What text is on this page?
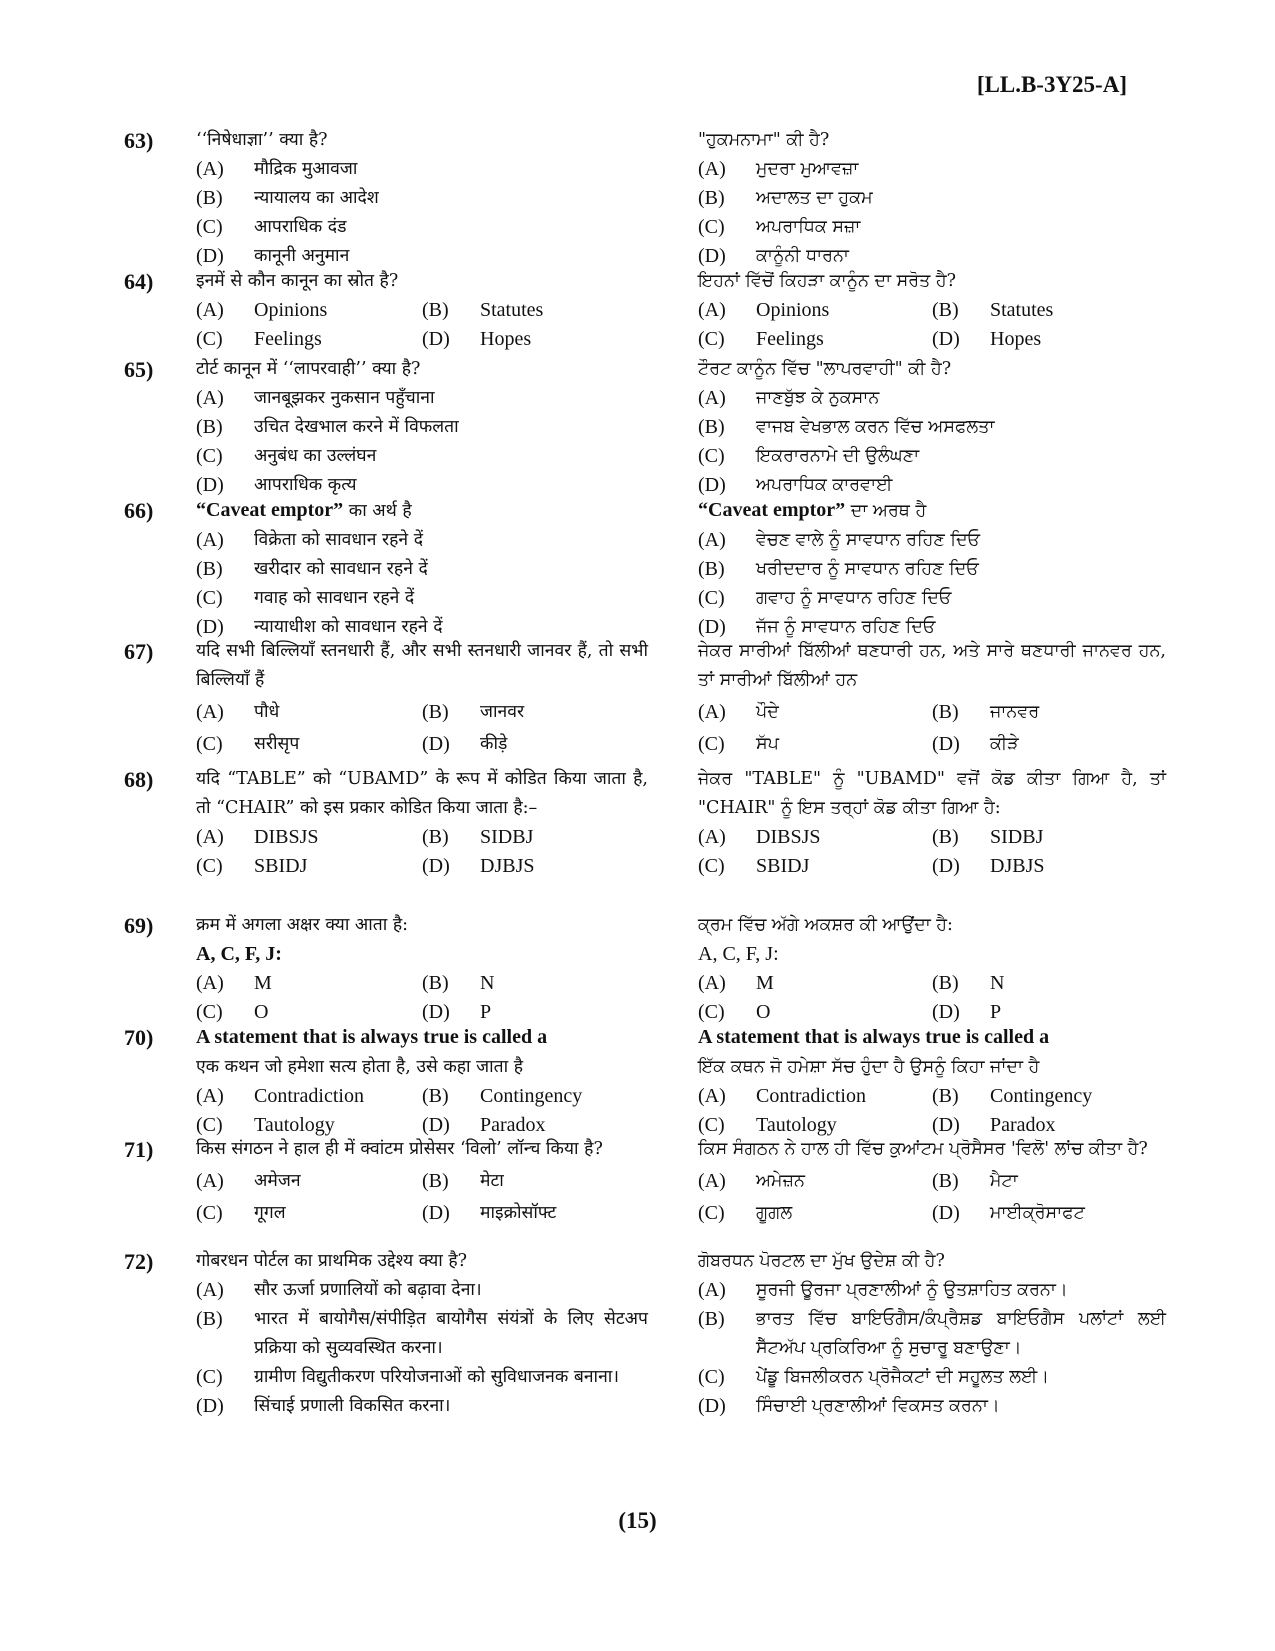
[LL.B-3Y25-A]
63)	‘‘निषेधाज्ञा’’ क्या है?
(A)	मौद्रिक मुआवजा
(B)	न्यायालय का आदेश
(C)	आपराधिक दंड
(D)	कानूनी अनुमान
"ਹੁਕਮਨਾਮਾ" ਕੀ ਹੈ?
(A)	ਮੁਦਰਾ ਮੁਆਵਜ਼ਾ
(B)	ਅਦਾਲਤ ਦਾ ਹੁਕਮ
(C)	ਅਪਰਾਧਿਕ ਸਜ਼ਾ
(D)	ਕਾਨੂੰਨੀ ਧਾਰਨਾ
64)	इनमें से कौन कानून का स्रोत है?
(A)	Opinions	(B)	Statutes
(C)	Feelings	(D)	Hopes
ਇਹਨਾਂ ਵਿੱਚੋਂ ਕਿਹੜਾ ਕਾਨੂੰਨ ਦਾ ਸਰੋਤ ਹੈ?
(A)	Opinions	(B)	Statutes
(C)	Feelings	(D)	Hopes
65)	टोर्ट कानून में ‘‘लापरवाही’’ क्या है?
(A)	जानबूझकर नुकसान पहुँचाना
(B)	उचित देखभाल करने में विफलता
(C)	अनुबंध का उल्लंघन
(D)	आपराधिक कृत्य
ਟੌਰਟ ਕਾਨੂੰਨ ਵਿੱਚ "ਲਾਪਰਵਾਹੀ" ਕੀ ਹੈ?
(A)	ਜਾਣਬੁੱਝ ਕੇ ਨੁਕਸਾਨ
(B)	ਵਾਜਬ ਵੇਖਭਾਲ ਕਰਨ ਵਿੱਚ ਅਸਫਲਤਾ
(C)	ਇਕਰਾਰਨਾਮੇ ਦੀ ਉਲੰਘਣਾ
(D)	ਅਪਰਾਧਿਕ ਕਾਰਵਾਈ
66)	“Caveat emptor” का अर्थ है
(A)	विक्रेता को सावधान रहने दें
(B)	खरीदार को सावधान रहने दें
(C)	गवाह को सावधान रहने दें
(D)	न्यायाधीश को सावधान रहने दें
“Caveat emptor” ਦਾ ਅਰਥ ਹੈ
(A)	ਵੇਚਣ ਵਾਲੇ ਨੂੰ ਸਾਵਧਾਨ ਰਹਿਣ ਦਿਓ
(B)	ਖਰੀਦਦਾਰ ਨੂੰ ਸਾਵਧਾਨ ਰਹਿਣ ਦਿਓ
(C)	ਗਵਾਹ ਨੂੰ ਸਾਵਧਾਨ ਰਹਿਣ ਦਿਓ
(D)	ਜੱਜ ਨੂੰ ਸਾਵਧਾਨ ਰਹਿਣ ਦਿਓ
67)	यदि सभी बिल्लियाँ स्तनधारी हैं, और सभी स्तनधारी जानवर हैं, तो सभी बिल्लियाँ हैं
(A)	पौधे	(B)	जानवर
(C)	सरीसृप	(D)	कीड़े
ਜੇਕਰ ਸਾਰੀਆਂ ਬਿੱਲੀਆਂ ਥਣਧਾਰੀ ਹਨ, ਅਤੇ ਸਾਰੇ ਥਣਧਾਰੀ ਜਾਨਵਰ ਹਨ, ਤਾਂ ਸਾਰੀਆਂ ਬਿੱਲੀਆਂ ਹਨ
(A)	ਪੌਦੇ	(B)	ਜਾਨਵਰ
(C)	ਸੱਪ	(D)	ਕੀੜੇ
68)	यदि “TABLE” को “UBAMD” के रूप में कोडित किया जाता है, तो “CHAIR” को इस प्रकार कोडित किया जाता है:–
(A)	DIBSJS	(B)	SIDBJ
(C)	SBIDJ	(D)	DJBJS
ਜੇਕਰ "TABLE" ਨੂੰ "UBAMD" ਵਜੋਂ ਕੋਡ ਕੀਤਾ ਗਿਆ ਹੈ, ਤਾਂ "CHAIR" ਨੂੰ ਇਸ ਤਰ੍ਹਾਂ ਕੋਡ ਕੀਤਾ ਗਿਆ ਹੈ:
(A)	DIBSJS	(B)	SIDBJ
(C)	SBIDJ	(D)	DJBJS
69)	क्रम में अगला अक्षर क्या आता है:
A, C, F, J:
(A)	M	(B)	N
(C)	O	(D)	P
ਕ੍ਰਮ ਵਿੱਚ ਅੱਗੇ ਅਕਸ਼ਰ ਕੀ ਆਉਂਦਾ ਹੈ:
A, C, F, J:
(A)	M	(B)	N
(C)	O	(D)	P
70)	A statement that is always true is called a
एक कथन जो हमेशा सत्य होता है, उसे कहा जाता है
(A)	Contradiction	(B)	Contingency
(C)	Tautology	(D)	Paradox
A statement that is always true is called a
ਇੱਕ ਕਥਨ ਜੋ ਹਮੇਸ਼ਾ ਸੱਚ ਹੁੰਦਾ ਹੈ ਉਸਨੂੰ ਕਿਹਾ ਜਾਂਦਾ ਹੈ
(A)	Contradiction	(B)	Contingency
(C)	Tautology	(D)	Paradox
71)	किस संगठन ने हाल ही में क्वांटम प्रोसेसर ‘विलो’ लॉन्च किया है?
(A)	अमेजन	(B)	मेटा
(C)	गूगल	(D)	माइक्रोसॉफ्ट
ਕਿਸ ਸੰਗਠਨ ਨੇ ਹਾਲ ਹੀ ਵਿੱਚ ਕੁਆਂਟਮ ਪ੍ਰੋਸੈਸਰ 'ਵਿਲੋ' ਲਾਂਚ ਕੀਤਾ ਹੈ?
(A)	ਅਮੇਜ਼ਨ	(B)	ਮੈਟਾ
(C)	ਗੂਗਲ	(D)	ਮਾਈਕ੍ਰੋਸਾਫਟ
72)	गोबरधन पोर्टल का प्राथमिक उद्देश्य क्या है?
(A)	सौर ऊर्जा प्रणालियों को बढ़ावा देना।
(B)	भारत में बायोगैस/संपीड़ित बायोगैस संयंत्रों के लिए सेटअप प्रक्रिया को सुव्यवस्थित करना।
(C)	ग्रामीण विद्युतीकरण परियोजनाओं को सुविधाजनक बनाना।
(D)	सिंचाई प्रणाली विकसित करना।
ਗੋਬਰਧਨ ਪੋਰਟਲ ਦਾ ਮੁੱਖ ਉਦੇਸ਼ ਕੀ ਹੈ?
(A)	ਸੂਰਜੀ ਊਰਜਾ ਪ੍ਰਣਾਲੀਆਂ ਨੂੰ ਉਤਸ਼ਾਹਿਤ ਕਰਨਾ।
(B)	ਭਾਰਤ ਵਿੱਚ ਬਾਇਓਗੈਸ/ਕੰਪ੍ਰੈਸ਼ਡ ਬਾਇਓਗੈਸ ਪਲਾਂਟਾਂ ਲਈ ਸੈੱਟਅੱਪ ਪ੍ਰਕਿਰਿਆ ਨੂੰ ਸੁਚਾਰੂ ਬਣਾਉਣਾ।
(C)	ਪੇਂਡੂ ਬਿਜਲੀਕਰਨ ਪ੍ਰੋਜੈਕਟਾਂ ਦੀ ਸਹੂਲਤ ਲਈ।
(D)	ਸਿੰਚਾਈ ਪ੍ਰਣਾਲੀਆਂ ਵਿਕਸਤ ਕਰਨਾ।
(15)
